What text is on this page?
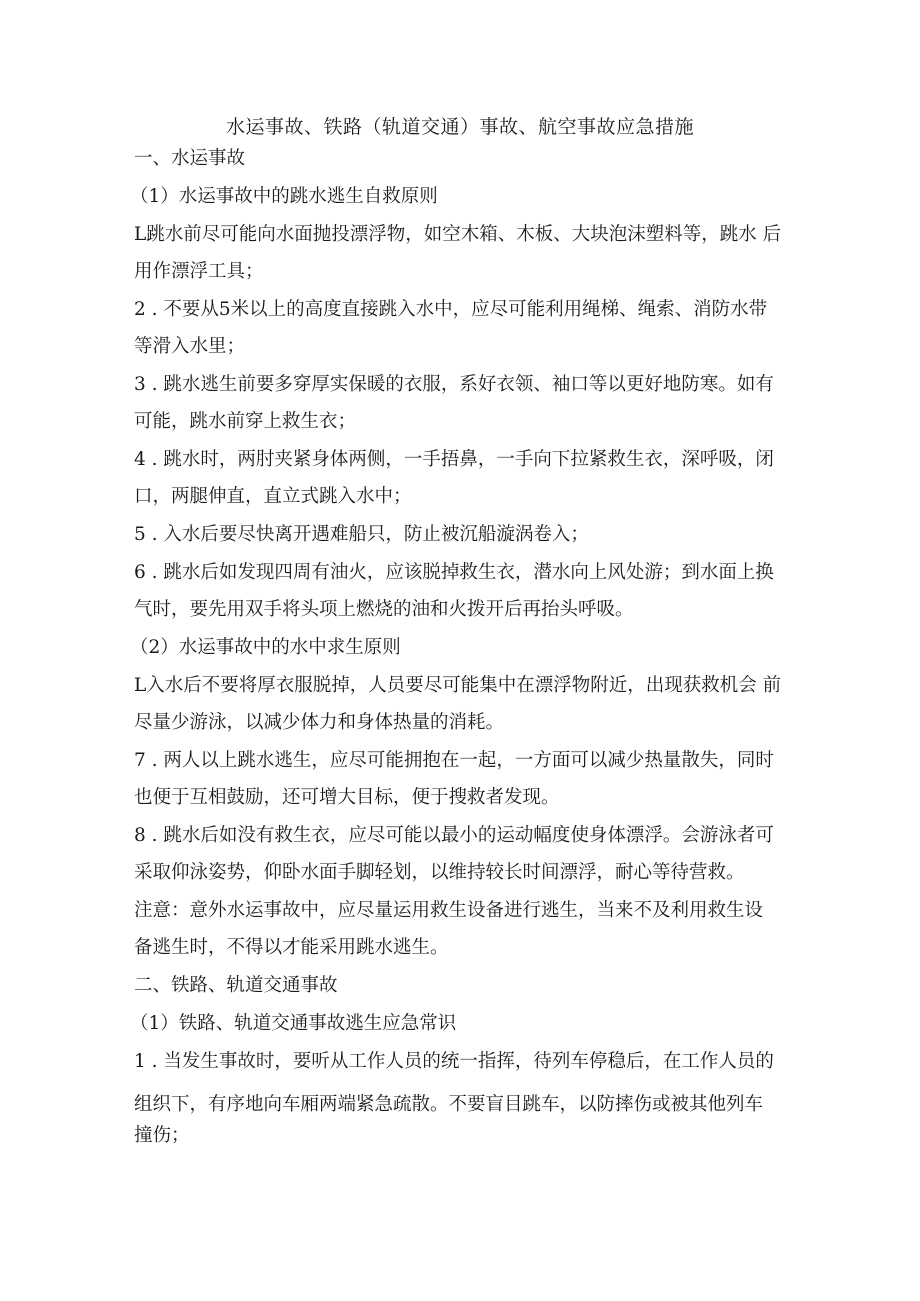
水运事故、铁路（轨道交通）事故、航空事故应急措施
一、水运事故
（1）水运事故中的跳水逃生自救原则
L跳水前尽可能向水面抛投漂浮物，如空木箱、木板、大块泡沫塑料等，跳水 后
用作漂浮工具；
2 . 不要从5米以上的高度直接跳入水中，应尽可能利用绳梯、绳索、消防水带
等滑入水里；
3 . 跳水逃生前要多穿厚实保暖的衣服，系好衣领、袖口等以更好地防寒。如有
可能，跳水前穿上救生衣；
4 . 跳水时，两肘夹紧身体两侧，一手捂鼻，一手向下拉紧救生衣，深呼吸，闭
口，两腿伸直，直立式跳入水中；
5 . 入水后要尽快离开遇难船只，防止被沉船漩涡卷入；
6 . 跳水后如发现四周有油火，应该脱掉救生衣，潜水向上风处游；到水面上换
气时，要先用双手将头项上燃烧的油和火拨开后再抬头呼吸。
（2）水运事故中的水中求生原则
L入水后不要将厚衣服脱掉，人员要尽可能集中在漂浮物附近，出现获救机会 前
尽量少游泳，以减少体力和身体热量的消耗。
7 . 两人以上跳水逃生，应尽可能拥抱在一起，一方面可以减少热量散失，同时
也便于互相鼓励，还可增大目标，便于搜救者发现。
8 . 跳水后如没有救生衣，应尽可能以最小的运动幅度使身体漂浮。会游泳者可
采取仰泳姿势，仰卧水面手脚轻划，以维持较长时间漂浮，耐心等待营救。
注意：意外水运事故中，应尽量运用救生设备进行逃生，当来不及利用救生设
备逃生时，不得以才能采用跳水逃生。
二、铁路、轨道交通事故
（1）铁路、轨道交通事故逃生应急常识
1 . 当发生事故时，要听从工作人员的统一指挥，待列车停稳后，在工作人员的
组织下，有序地向车厢两端紧急疏散。不要盲目跳车，以防摔伤或被其他列车
撞伤；
